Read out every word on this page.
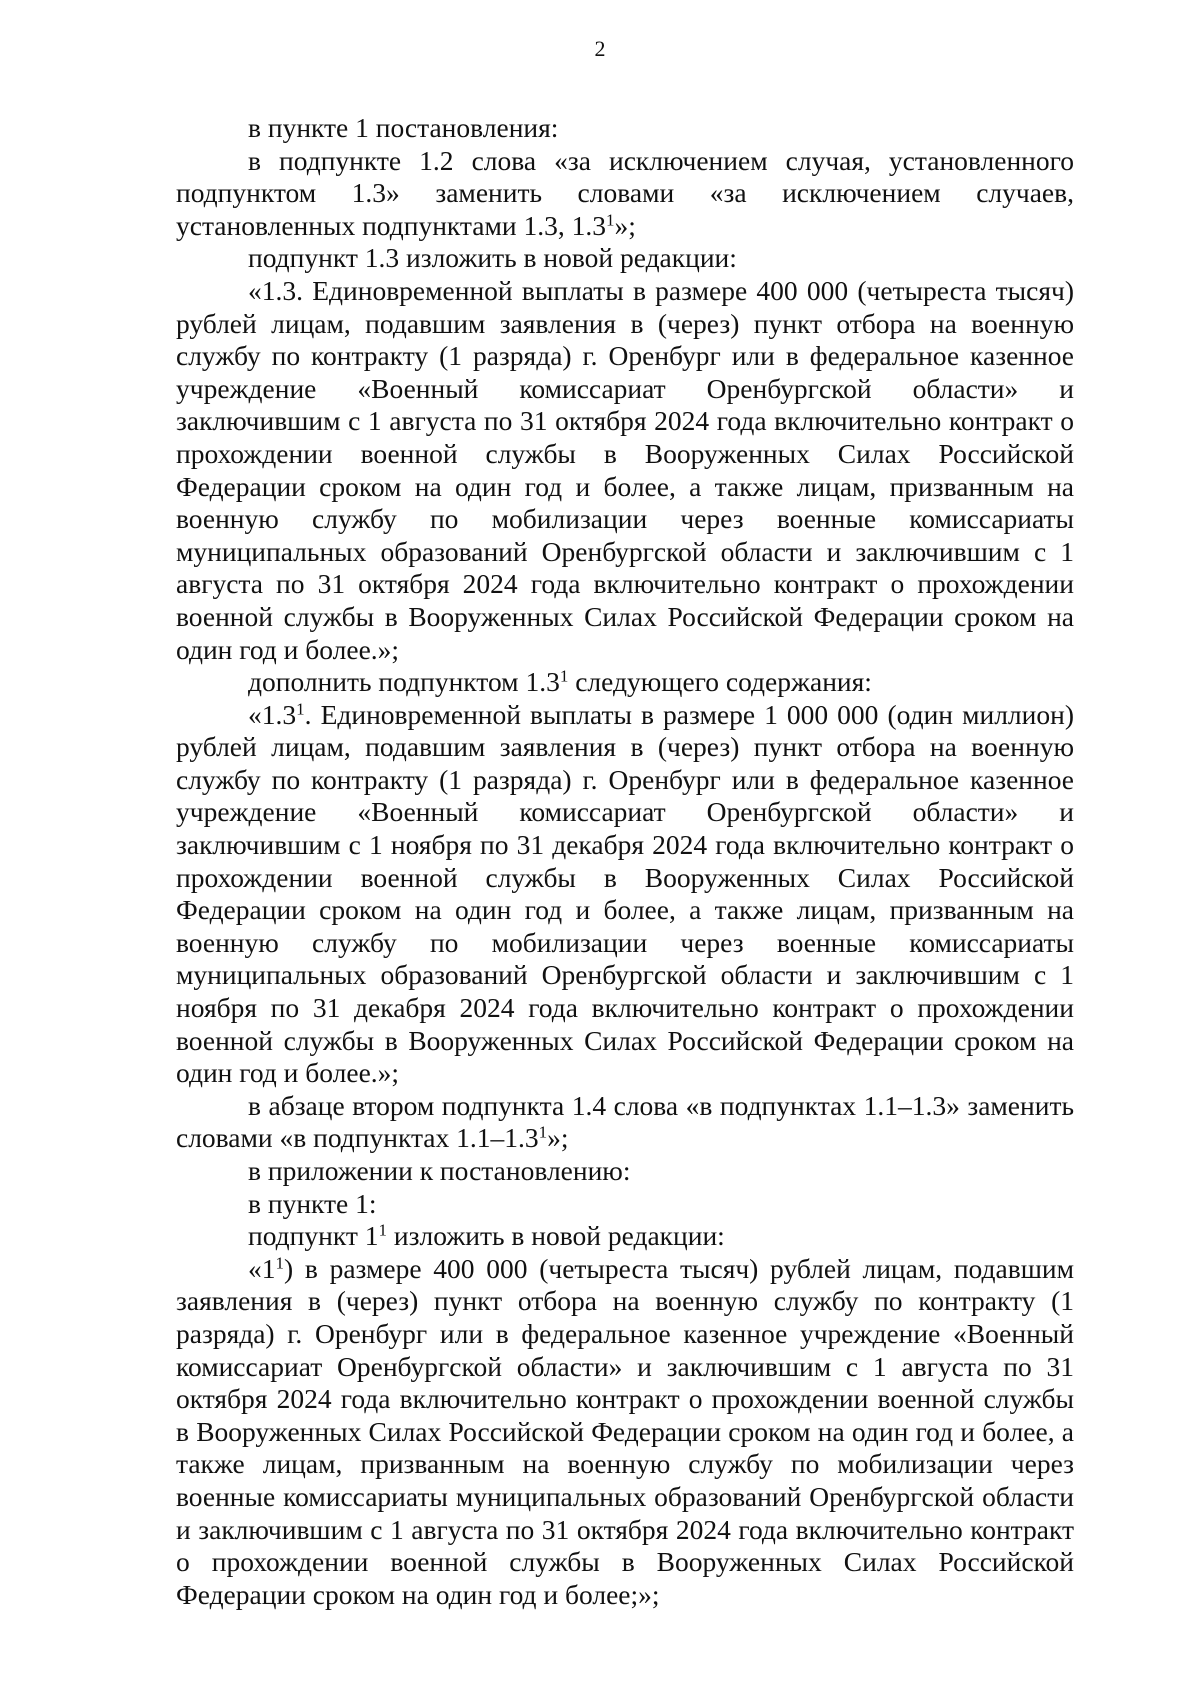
2

в пункте 1 постановления:

в подпункте 1.2 слова «за исключением случая, установленного подпунктом 1.3» заменить словами «за исключением случаев, установленных подпунктами 1.3, $1.3^1$»;

подпункт 1.3 изложить в новой редакции:

«1.3. Единовременной выплаты в размере 400 000 (четыреста тысяч) рублей лицам, подавшим заявления в (через) пункт отбора на военную службу по контракту (1 разряда) г. Оренбург или в федеральное казенное учреждение «Военный комиссариат Оренбургской области» и заключившим с 1 августа по 31 октября 2024 года включительно контракт о прохождении военной службы в Вооруженных Силах Российской Федерации сроком на один год и более, а также лицам, призванным на военную службу по мобилизации через военные комиссариаты муниципальных образований Оренбургской области и заключившим с 1 августа по 31 октября 2024 года включительно контракт о прохождении военной службы в Вооруженных Силах Российской Федерации сроком на один год и более.»;

дополнить подпунктом $1.3^1$ следующего содержания:

«$1.3^1$. Единовременной выплаты в размере 1 000 000 (один миллион) рублей лицам, подавшим заявления в (через) пункт отбора на военную службу по контракту (1 разряда) г. Оренбург или в федеральное казенное учреждение «Военный комиссариат Оренбургской области» и заключившим с 1 ноября по 31 декабря 2024 года включительно контракт о прохождении военной службы в Вооруженных Силах Российской Федерации сроком на один год и более, а также лицам, призванным на военную службу по мобилизации через военные комиссариаты муниципальных образований Оренбургской области и заключившим с 1 ноября по 31 декабря 2024 года включительно контракт о прохождении военной службы в Вооруженных Силах Российской Федерации сроком на один год и более.»;

в абзаце втором подпункта 1.4 слова «в подпунктах 1.1–1.3» заменить словами «в подпунктах $1.1-1.3^1$»;

в приложении к постановлению:

в пункте 1:

подпункт $1^1$ изложить в новой редакции:

«$1^1$) в размере 400 000 (четыреста тысяч) рублей лицам, подавшим заявления в (через) пункт отбора на военную службу по контракту (1 разряда) г. Оренбург или в федеральное казенное учреждение «Военный комиссариат Оренбургской области» и заключившим с 1 августа по 31 октября 2024 года включительно контракт о прохождении военной службы в Вооруженных Силах Российской Федерации сроком на один год и более, а также лицам, призванным на военную службу по мобилизации через военные комиссариаты муниципальных образований Оренбургской области и заключившим с 1 августа по 31 октября 2024 года включительно контракт о прохождении военной службы в Вооруженных Силах Российской Федерации сроком на один год и более;»;
